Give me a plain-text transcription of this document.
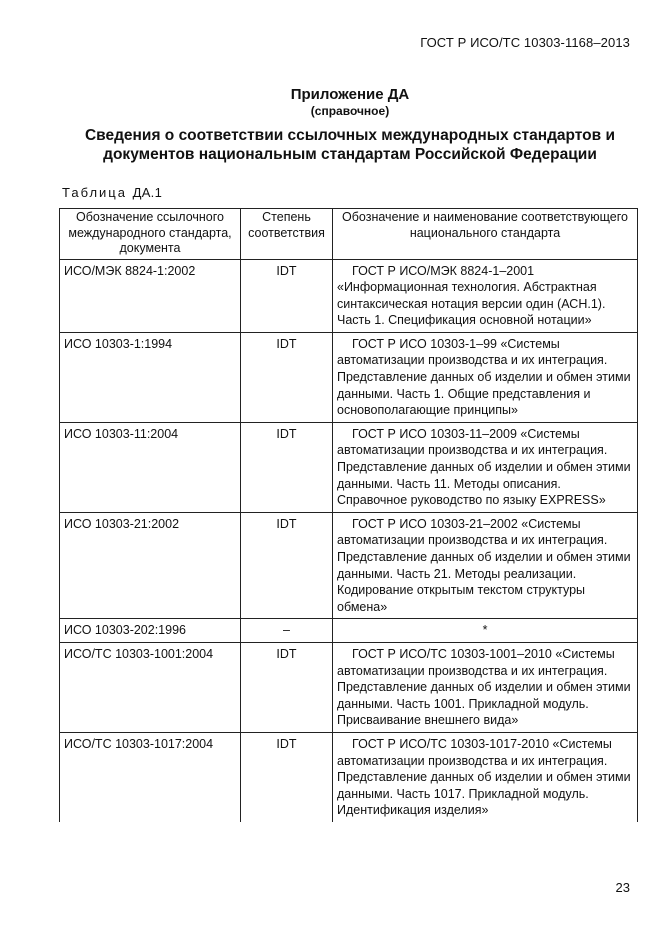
ГОСТ Р ИСО/ТС 10303-1168–2013
Приложение ДА
(справочное)
Сведения о соответствии ссылочных международных стандартов и
документов национальным стандартам Российской Федерации
Таблица ДА.1
Обозначение ссылочного международного стандарта, документа	Степень соответствия	Обозначение и наименование соответствующего национального стандарта
ИСО/МЭК 8824-1:2002	IDT	ГОСТ Р ИСО/МЭК 8824-1–2001 «Информационная технология. Абстрактная синтаксическая нотация версии один (АСН.1). Часть 1. Спецификация основной нотации»
ИСО 10303-1:1994	IDT	ГОСТ Р ИСО 10303-1–99 «Системы автоматизации производства и их интеграция. Представление данных об изделии и обмен этими данными. Часть 1. Общие представления и основополагающие принципы»
ИСО 10303-11:2004	IDT	ГОСТ Р ИСО 10303-11–2009 «Системы автоматизации производства и их интеграция. Представление данных об изделии и обмен этими данными. Часть 11. Методы описания. Справочное руководство по языку EXPRESS»
ИСО 10303-21:2002	IDT	ГОСТ Р ИСО 10303-21–2002 «Системы автоматизации производства и их интеграция. Представление данных об изделии и обмен этими данными. Часть 21. Методы реализации. Кодирование открытым текстом структуры обмена»
ИСО 10303-202:1996	–	*
ИСО/ТС 10303-1001:2004	IDT	ГОСТ Р ИСО/ТС 10303-1001–2010 «Системы автоматизации производства и их интеграция. Представление данных об изделии и обмен этими данными. Часть 1001. Прикладной модуль. Присваивание внешнего вида»
ИСО/ТС 10303-1017:2004	IDT	ГОСТ Р ИСО/ТС 10303-1017-2010 «Системы автоматизации производства и их интеграция. Представление данных об изделии и обмен этими данными. Часть 1017. Прикладной модуль. Идентификация изделия»
23
